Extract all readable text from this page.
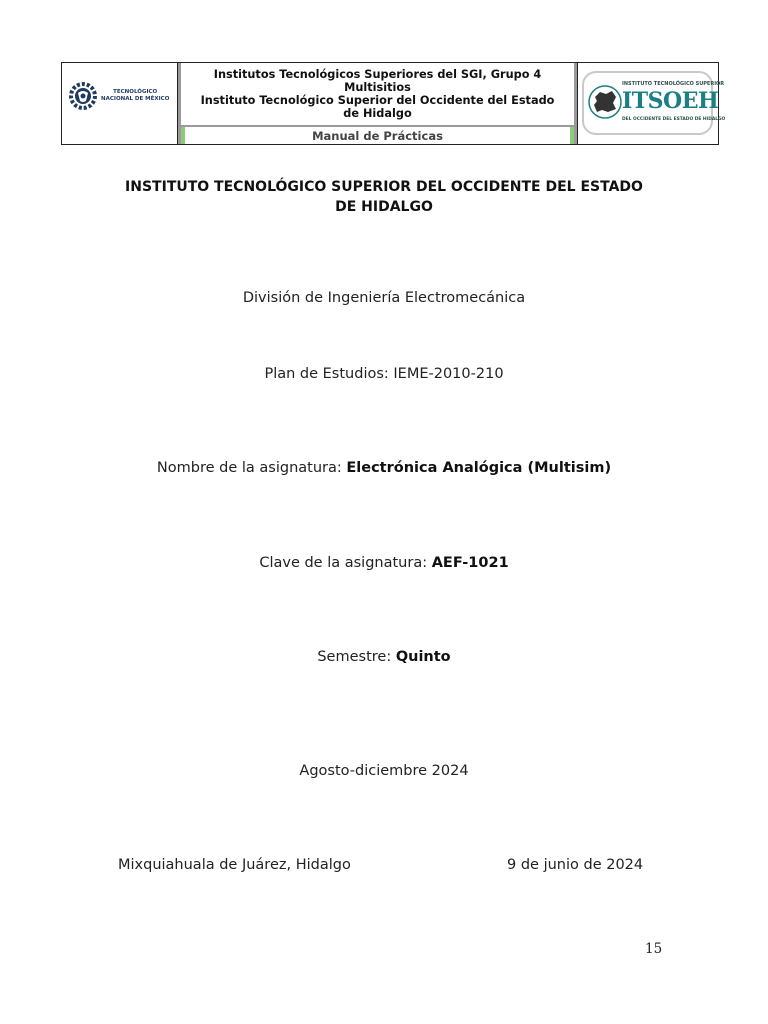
TECNOLÓGICO
NACIONAL DE MÉXICO
Institutos Tecnológicos Superiores del SGI, Grupo 4
Multisitios
Instituto Tecnológico Superior del Occidente del Estado
de Hidalgo
Manual de Prácticas
INSTITUTO TECNOLÓGICO SUPERIOR
ITSOEH
DEL OCCIDENTE DEL ESTADO DE HIDALGO
INSTITUTO TECNOLÓGICO SUPERIOR DEL OCCIDENTE DEL ESTADO
DE HIDALGO
División de Ingeniería Electromecánica
Plan de Estudios: IEME-2010-210
Nombre de la asignatura: Electrónica Analógica (Multisim)
Clave de la asignatura: AEF-1021
Semestre: Quinto
Agosto-diciembre 2024
Mixquiahuala de Juárez, Hidalgo	9 de junio de 2024
15
